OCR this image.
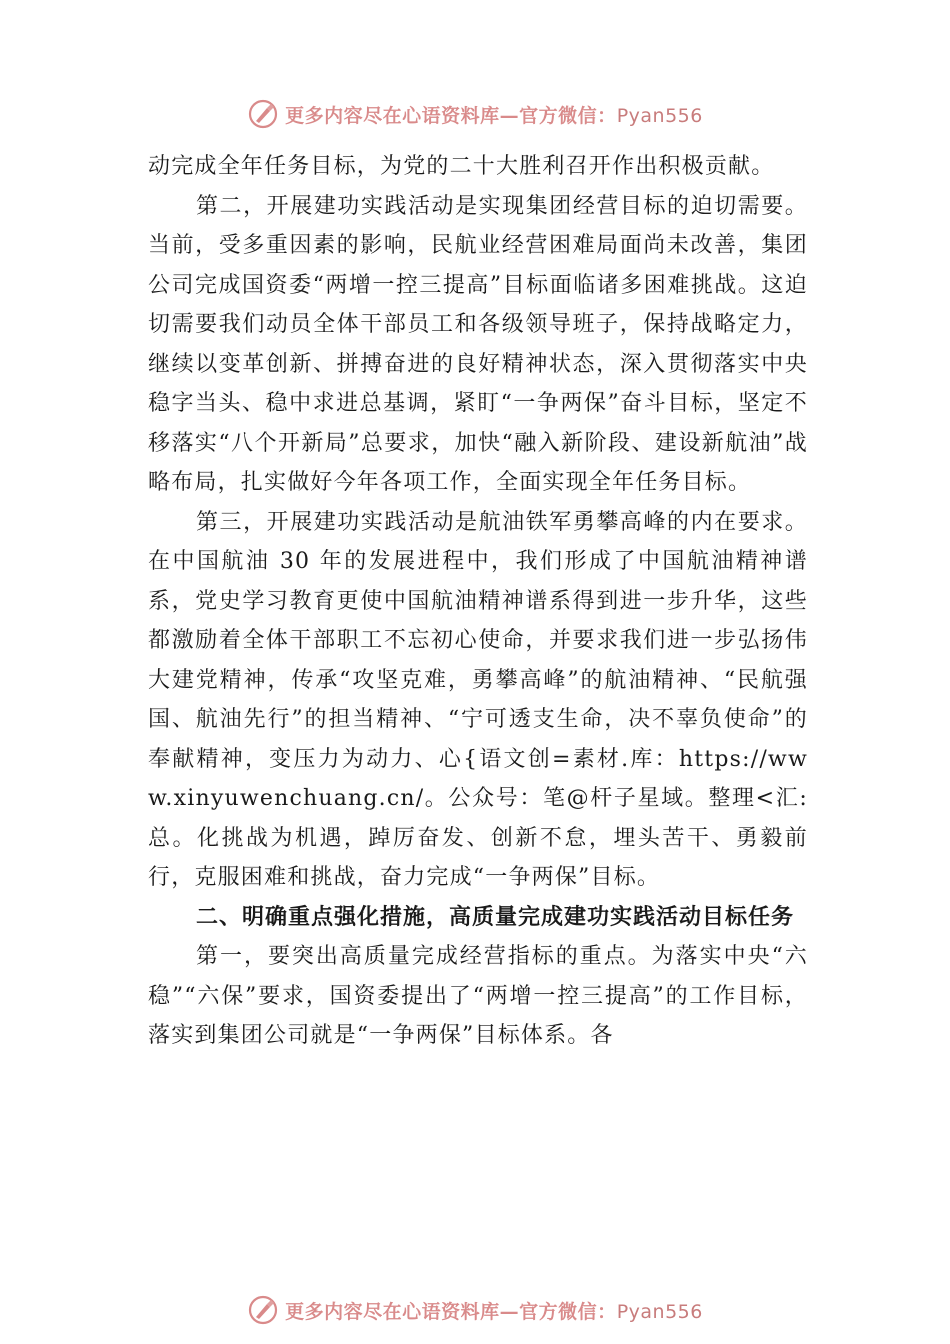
更多内容尽在心语资料库—官方微信：Pyan556

动完成全年任务目标，为党的二十大胜利召开作出积极贡献。

第二，开展建功实践活动是实现集团经营目标的迫切需要。当前，受多重因素的影响，民航业经营困难局面尚未改善，集团公司完成国资委“两增一控三提高”目标面临诸多困难挑战。这迫切需要我们动员全体干部员工和各级领导班子，保持战略定力，继续以变革创新、拼搏奋进的良好精神状态，深入贯彻落实中央稳字当头、稳中求进总基调，紧盯“一争两保”奋斗目标，坚定不移落实“八个开新局”总要求，加快“融入新阶段、建设新航油”战略布局，扎实做好今年各项工作，全面实现全年任务目标。

第三，开展建功实践活动是航油铁军勇攀高峰的内在要求。在中国航油 30 年的发展进程中，我们形成了中国航油精神谱系，党史学习教育更使中国航油精神谱系得到进一步升华，这些都激励着全体干部职工不忘初心使命，并要求我们进一步弘扬伟大建党精神，传承“攻坚克难，勇攀高峰”的航油精神、“民航强国、航油先行”的担当精神、“宁可透支生命，决不辜负使命”的奉献精神，变压力为动力、心{语文创=素材.库：https://www.xinyuwenchuang.cn/。公众号：笔@杆子星域。整理<汇:总。化挑战为机遇，踔厉奋发、创新不怠，埋头苦干、勇毅前行，克服困难和挑战，奋力完成“一争两保”目标。

二、明确重点强化措施，高质量完成建功实践活动目标任务

第一，要突出高质量完成经营指标的重点。为落实中央“六稳”“六保”要求，国资委提出了“两增一控三提高”的工作目标，落实到集团公司就是“一争两保”目标体系。各

更多内容尽在心语资料库—官方微信：Pyan556
